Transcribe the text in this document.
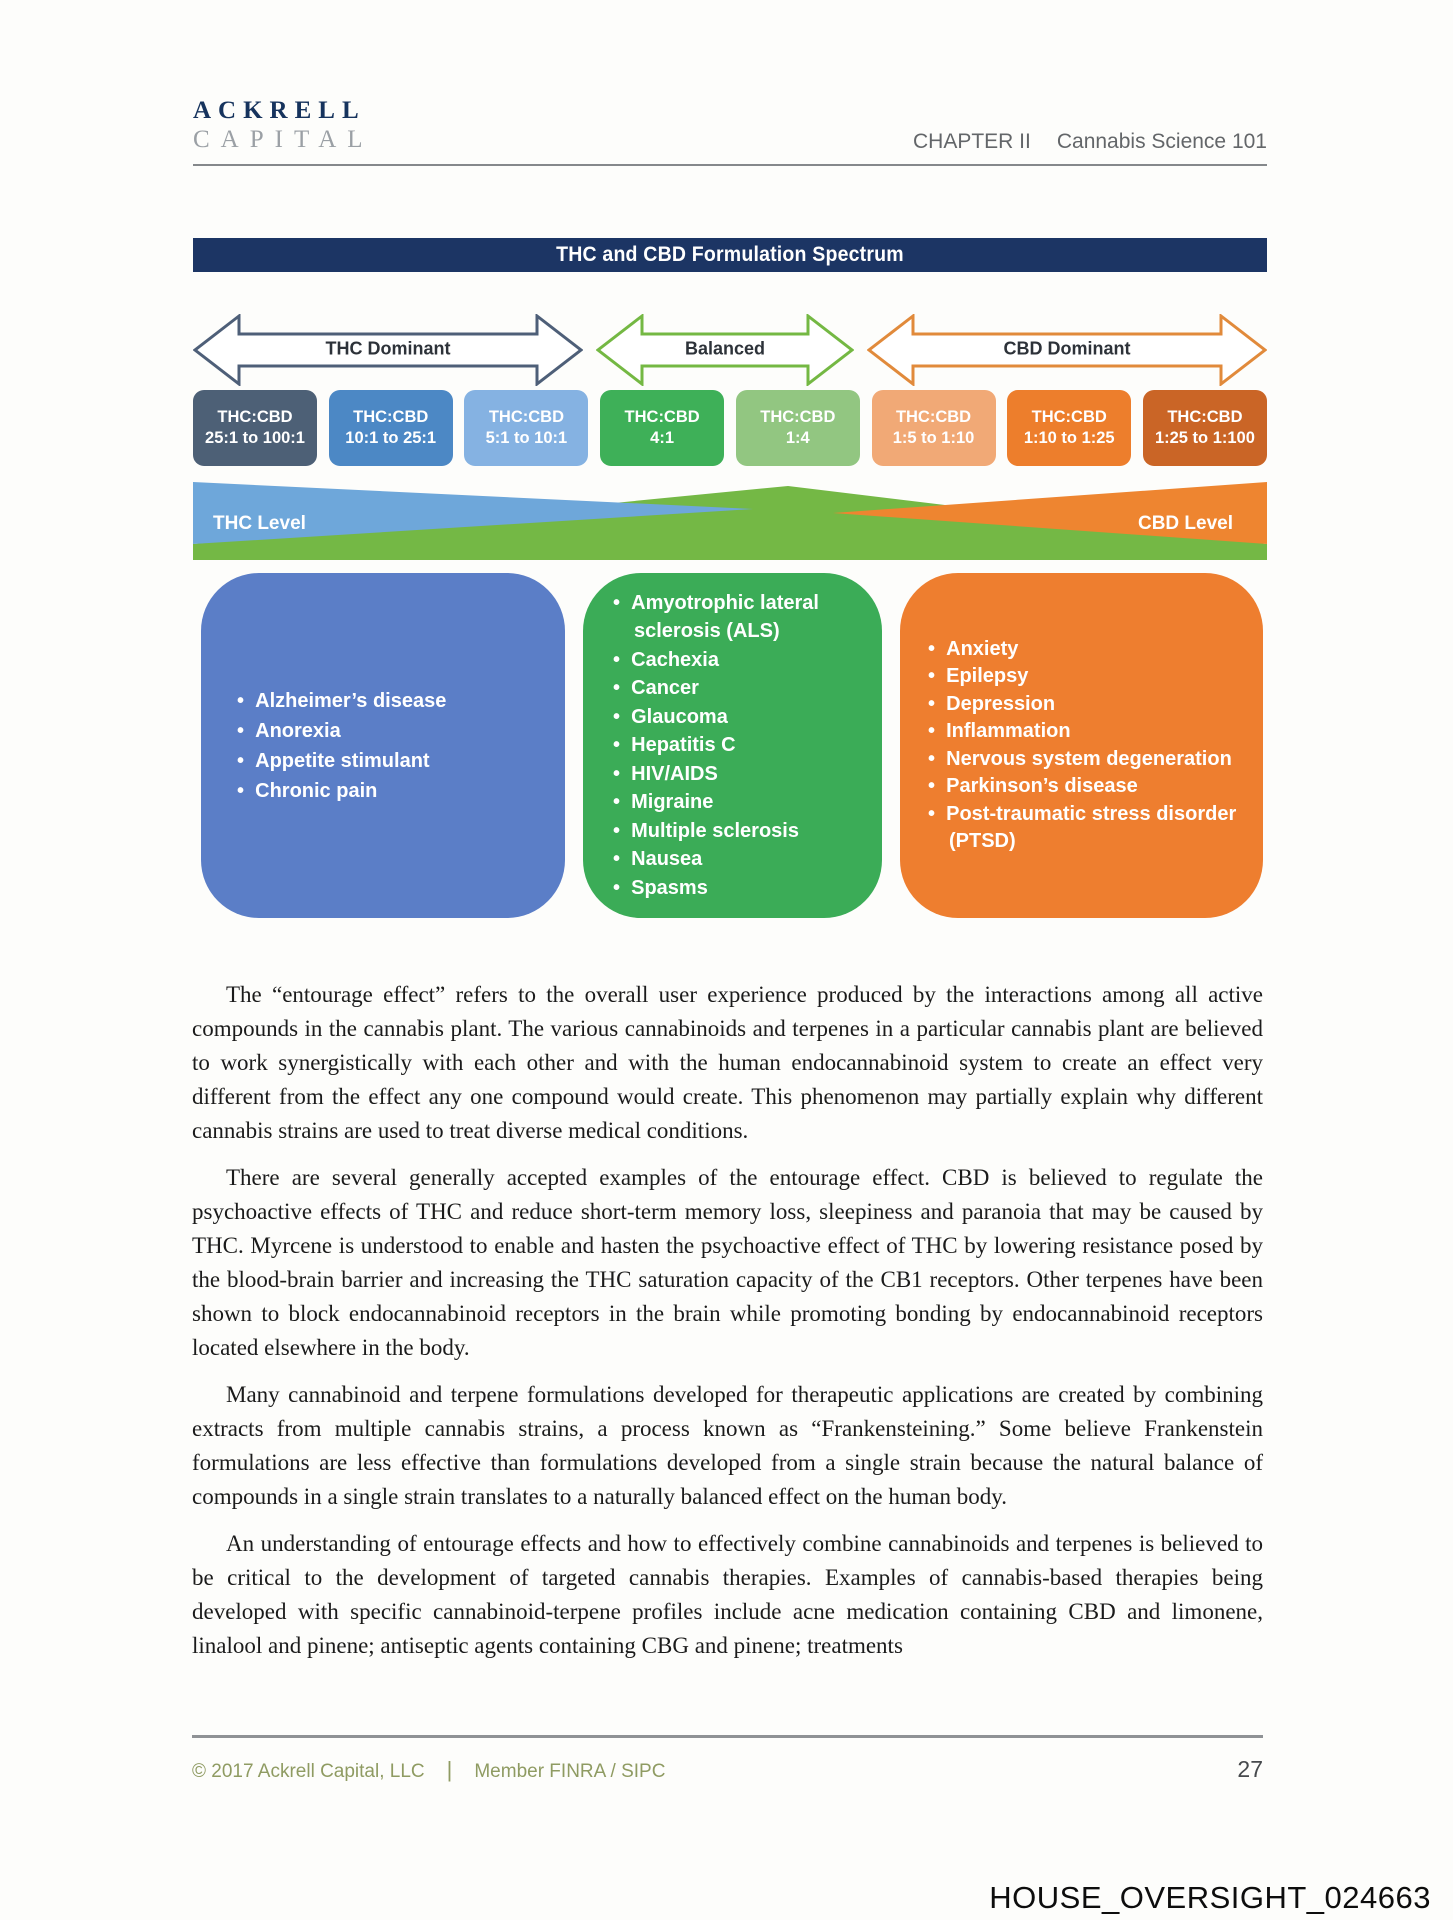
ACKRELL
CAPITAL	CHAPTER II Cannabis Science 101
THC and CBD Formulation Spectrum
THC Dominant	Balanced	CBD Dominant
THC:CBD
25:1 to 100:1
THC:CBD
10:1 to 25:1
THC:CBD
5:1 to 10:1
THC:CBD
4:1
THC:CBD
1:4
THC:CBD
1:5 to 1:10
THC:CBD
1:10 to 1:25
THC:CBD
1:25 to 1:100
THC Level	CBD Level
•  Alzheimer’s disease
•  Anorexia
•  Appetite stimulant
•  Chronic pain
•  Amyotrophic lateral sclerosis (ALS)
•  Cachexia
•  Cancer
•  Glaucoma
•  Hepatitis C
•  HIV/AIDS
•  Migraine
•  Multiple sclerosis
•  Nausea
•  Spasms
•  Anxiety
•  Epilepsy
•  Depression
•  Inflammation
•  Nervous system degeneration
•  Parkinson’s disease
•  Post-traumatic stress disorder (PTSD)

The “entourage effect” refers to the overall user experience produced by the interactions among all active compounds in the cannabis plant. The various cannabinoids and terpenes in a particular cannabis plant are believed to work synergistically with each other and with the human endocannabinoid system to create an effect very different from the effect any one compound would create. This phenomenon may partially explain why different cannabis strains are used to treat diverse medical conditions.

There are several generally accepted examples of the entourage effect. CBD is believed to regulate the psychoactive effects of THC and reduce short-term memory loss, sleepiness and paranoia that may be caused by THC. Myrcene is understood to enable and hasten the psychoactive effect of THC by lowering resistance posed by the blood-brain barrier and increasing the THC saturation capacity of the CB1 receptors. Other terpenes have been shown to block endocannabinoid receptors in the brain while promoting bonding by endocannabinoid receptors located elsewhere in the body.

Many cannabinoid and terpene formulations developed for therapeutic applications are created by combining extracts from multiple cannabis strains, a process known as “Frankensteining.” Some believe Frankenstein formulations are less effective than formulations developed from a single strain because the natural balance of compounds in a single strain translates to a naturally balanced effect on the human body.

An understanding of entourage effects and how to effectively combine cannabinoids and terpenes is believed to be critical to the development of targeted cannabis therapies. Examples of cannabis-based therapies being developed with specific cannabinoid-terpene profiles include acne medication containing CBD and limonene, linalool and pinene; antiseptic agents containing CBG and pinene; treatments

© 2017 Ackrell Capital, LLC | Member FINRA / SIPC	27
HOUSE_OVERSIGHT_024663
